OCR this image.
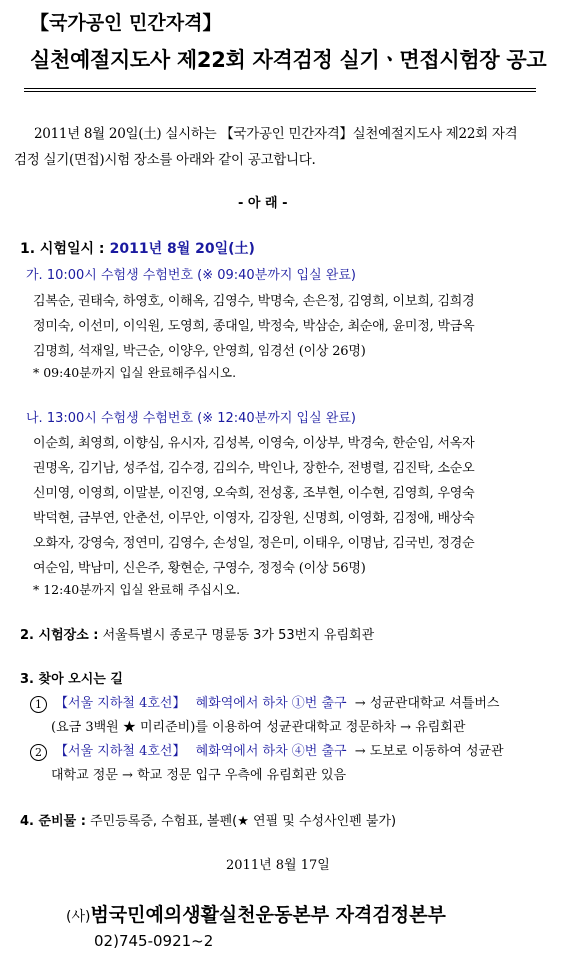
【국가공인 민간자격】
실천예절지도사 제22회 자격검정 실기ㆍ면접시험장 공고
2011년 8월 20일(土) 실시하는 【국가공인 민간자격】실천예절지도사 제22회 자격
검정 실기(면접)시험 장소를 아래와 같이 공고합니다.
- 아 래 -
1. 시험일시 : 2011년 8월 20일(土)
가. 10:00시 수험생 수험번호 (※ 09:40분까지 입실 완료)
김복순, 권태숙, 하영호, 이해옥, 김영수, 박명숙, 손은정, 김영희, 이보희, 김희경
정미숙, 이선미, 이익원, 도영희, 종대일, 박정숙, 박삼순, 최순애, 윤미정, 박금옥
김명희, 석재일, 박근순, 이양우, 안영희, 임경선 (이상 26명)
* 09:40분까지 입실 완료해주십시오.
나. 13:00시 수험생 수험번호 (※ 12:40분까지 입실 완료)
이순희, 최영희, 이향심, 유시자, 김성복, 이영숙, 이상부, 박경숙, 한순임, 서옥자
권명옥, 김기남, 성주섭, 김수경, 김의수, 박인나, 장한수, 전병렬, 김진탁, 소순오
신미영, 이영희, 이말분, 이진영, 오숙희, 전성홍, 조부현, 이수현, 김영희, 우영숙
박덕현, 금부연, 안춘선, 이무안, 이영자, 김장원, 신명희, 이영화, 김정애, 배상숙
오화자, 강영숙, 정연미, 김영수, 손성일, 정은미, 이태우, 이명남, 김국빈, 정경순
여순임, 박남미, 신은주, 황현순, 구영수, 정정숙 (이상 56명)
* 12:40분까지 입실 완료해 주십시오.
2. 시험장소 : 서울특별시 종로구 명륜동 3가 53번지 유림회관
3. 찾아 오시는 길
1 【서울 지하철 4호선】 혜화역에서 하차 ①번 출구 → 성균관대학교 셔틀버스
(요금 3백원 ★ 미리준비)를 이용하여 성균관대학교 정문하차 → 유림회관
2 【서울 지하철 4호선】 혜화역에서 하차 ④번 출구 → 도보로 이동하여 성균관
대학교 정문 → 학교 정문 입구 우측에 유림회관 있음
4. 준비물 : 주민등록증, 수험표, 볼펜(★ 연필 및 수성사인펜 불가)
2011년 8월 17일
(사)범국민예의생활실천운동본부 자격검정본부
02)745-0921~2
